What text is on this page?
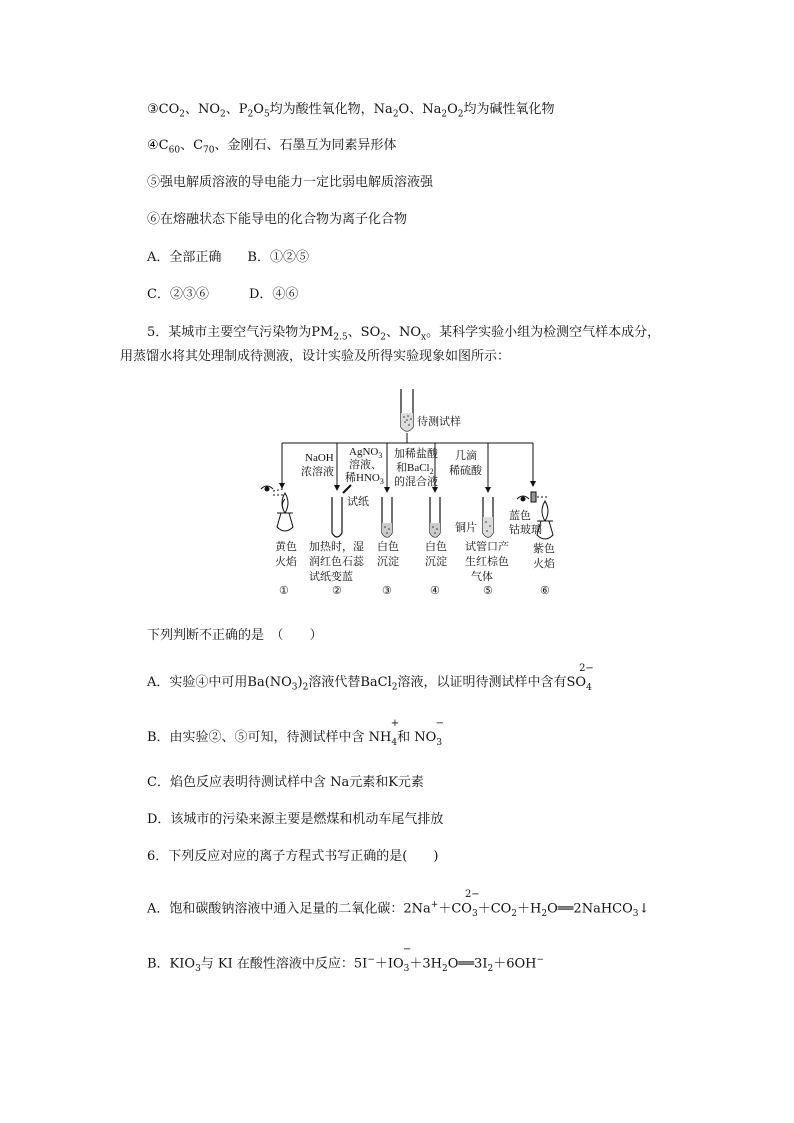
$③CO_2$、$NO_2$、$P_2O_5$均为酸性氧化物，$Na_2O$、$Na_2O_2$均为碱性氧化物
$④C_{60}$、$C_{70}$、金刚石、石墨互为同素异形体
⑤强电解质溶液的导电能力一定比弱电解质溶液强
⑥在熔融状态下能导电的化合物为离子化合物
A．全部正确 B．①②⑤
C．②③⑥	D．④⑥
5．某城市主要空气污染物为$PM_{2.5}$、$SO_2$、$NO_x$。某科学实验小组为检测空气样本成分，
用蒸馏水将其处理制成待测液，设计实验及所得实验现象如图所示：
待测试样
NaOH
浓溶液
AgNO$_3$
溶液、
稀$HNO_3$
加稀盐酸
和BaCl$_2$
的混合液
几滴
稀硫酸
试纸
铜片
蓝色
钴玻璃
黄色
火焰
加热时，湿
润红色石蕊
试纸变蓝
白色
沉淀
白色
沉淀
试管口产
生红棕色
气体
紫色
火焰
①	②	③	④	⑤	⑥
下列判断不正确的是　（　　）
A．实验④中可用$Ba(NO_3)_2$溶液代替BaCl$_2$溶液，以证明待测试样中含有$SO_4$
2−
B．由实验②、⑤可知，待测试样中含 $NH_4$
+
和 $NO_3$
−
C．焰色反应表明待测试样中含 Na元素和K元素
D．该城市的污染来源主要是燃煤和机动车尾气排放
6．下列反应对应的离子方程式书写正确的是(　　)
A．饱和碳酸钠溶液中通入足量的二氧化碳：$2Na^++CO_3$
2−
$+CO_2+H_2O══2NaHCO_3↓$
B．$KIO_3$与 KI 在酸性溶液中反应：$5I^-+IO_3$
−
$+3H_2O══3I_2+6OH^-$
